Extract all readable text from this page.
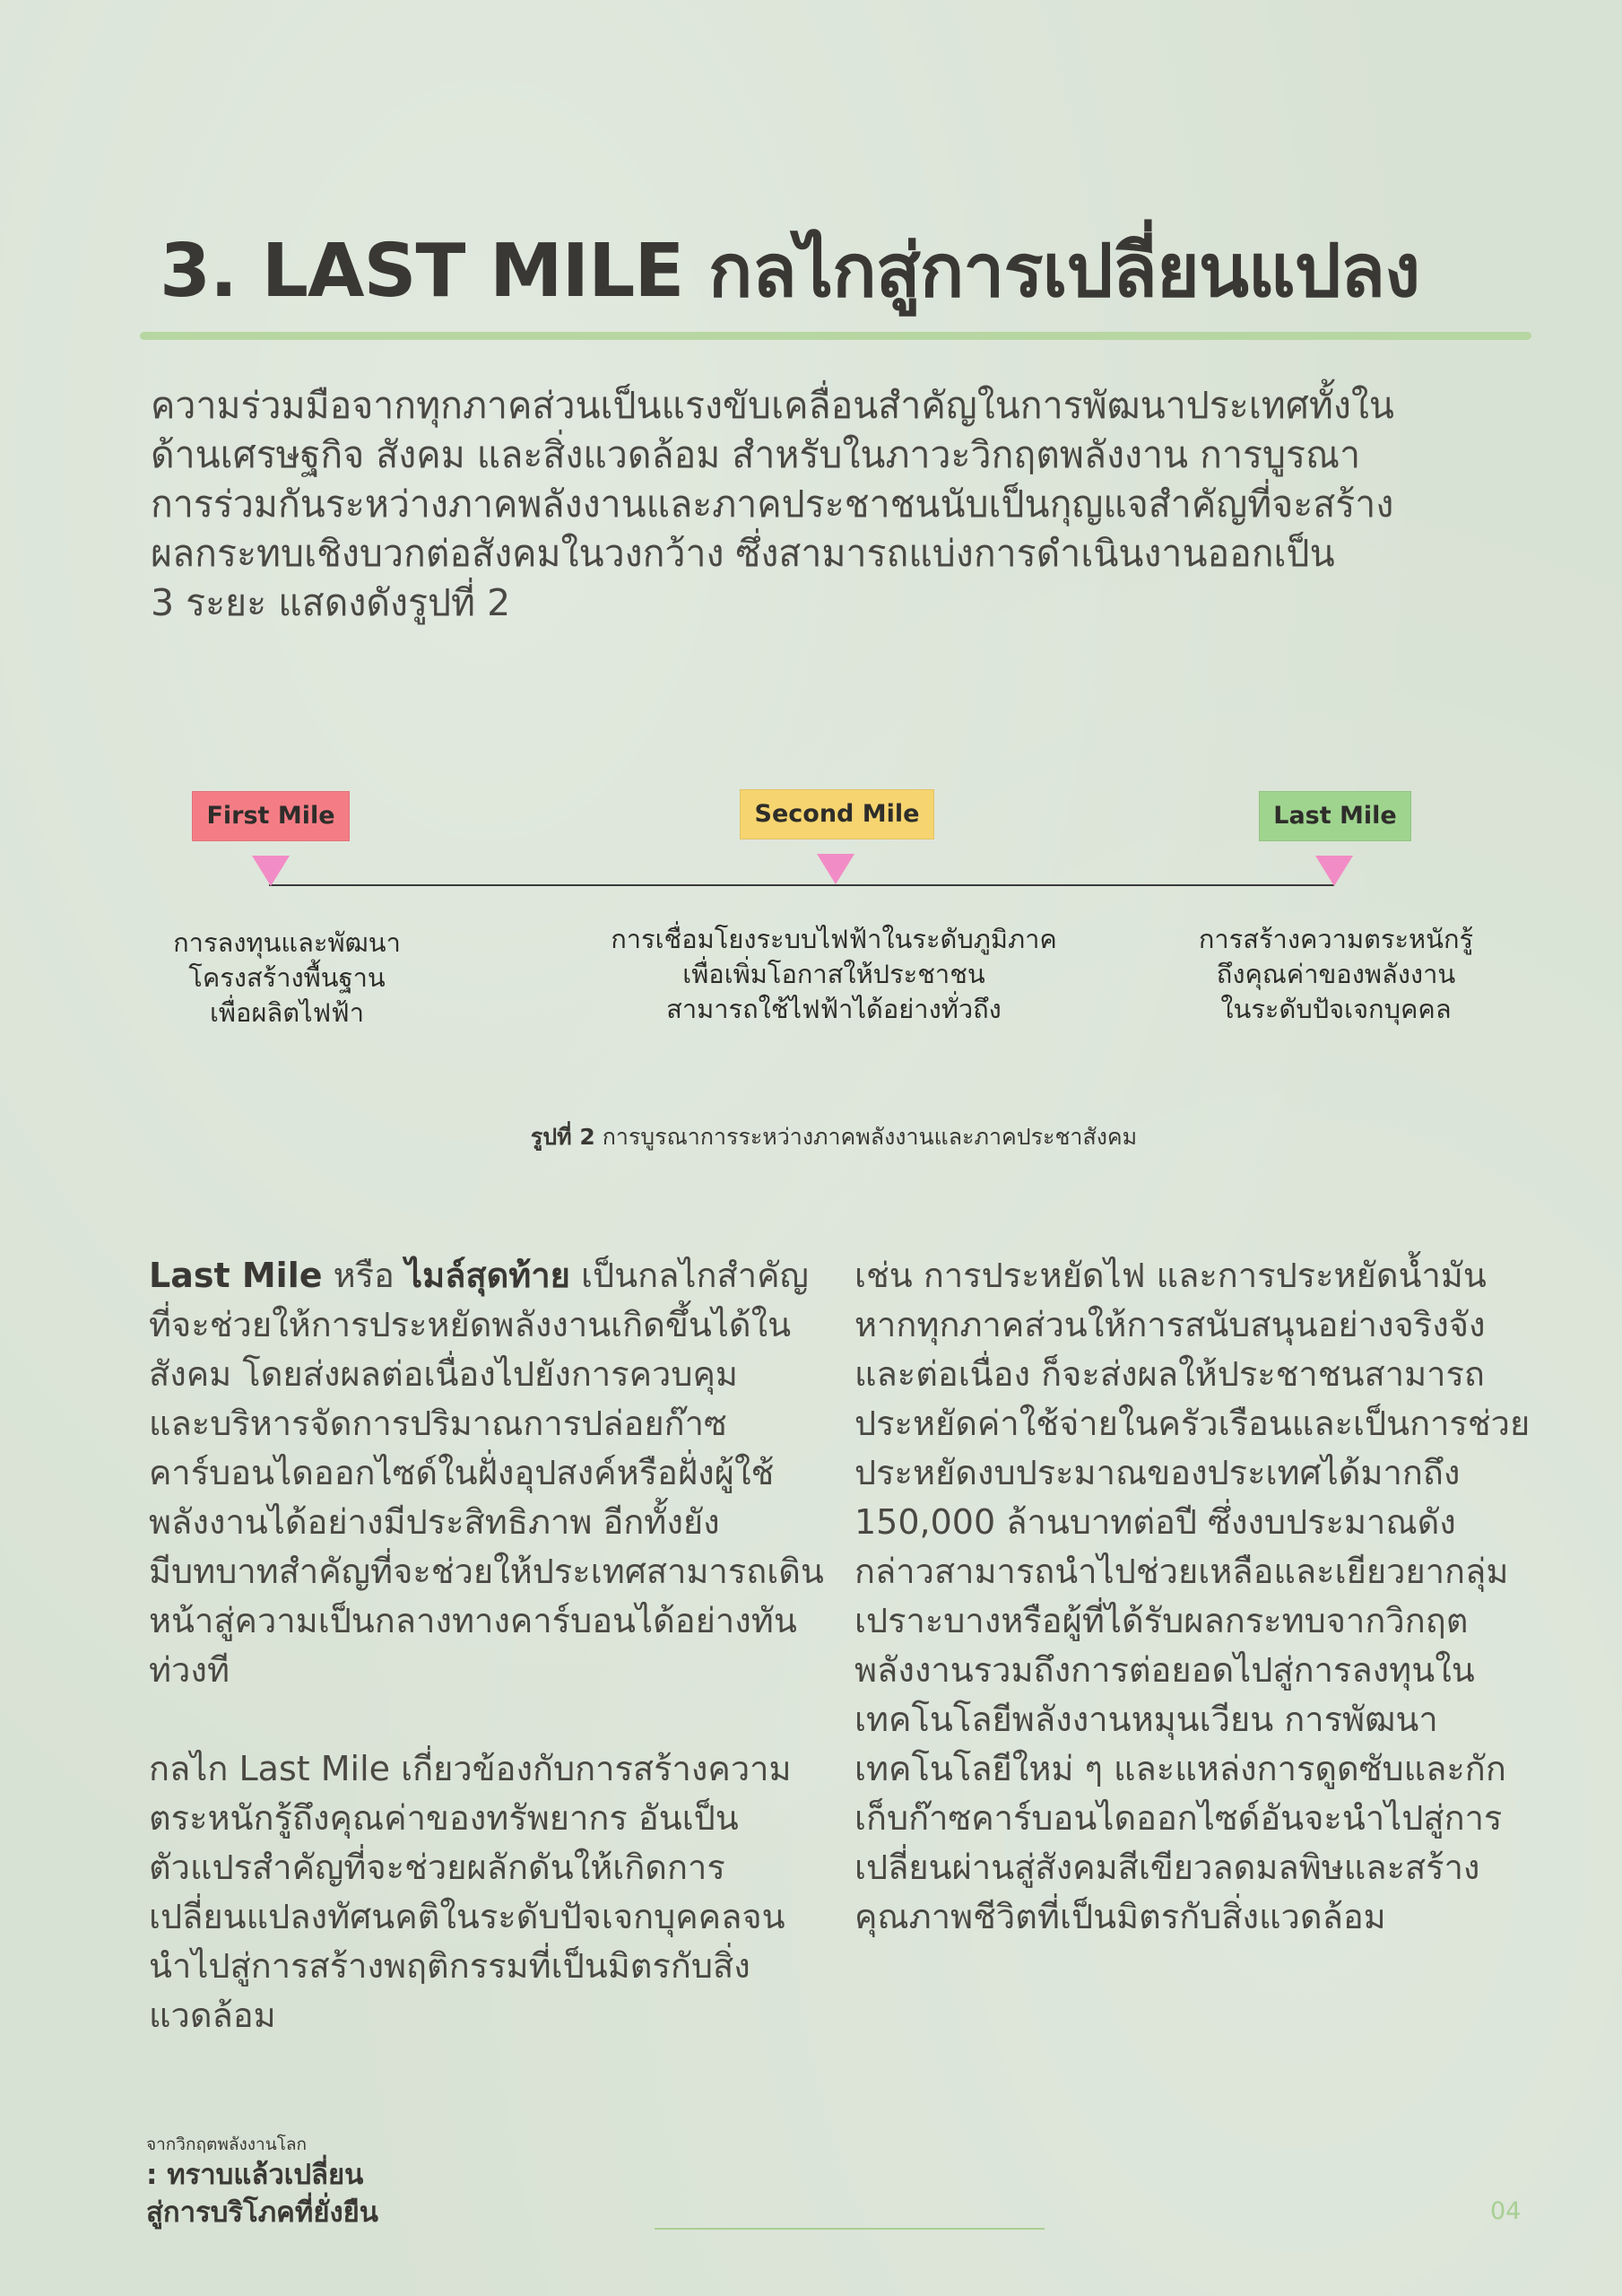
3. LAST MILE กลไกสู่การเปลี่ยนแปลง

ความร่วมมือจากทุกภาคส่วนเป็นแรงขับเคลื่อนสำคัญในการพัฒนาประเทศทั้งใน

ด้านเศรษฐกิจ สังคม และสิ่งแวดล้อม สำหรับในภาวะวิกฤตพลังงาน การบูรณา

การร่วมกันระหว่างภาคพลังงานและภาคประชาชนนับเป็นกุญแจสำคัญที่จะสร้าง

ผลกระทบเชิงบวกต่อสังคมในวงกว้าง ซึ่งสามารถแบ่งการดำเนินงานออกเป็น

3 ระยะ แสดงดังรูปที่ 2

First Mile	Second Mile	Last Mile
การลงทุนและพัฒนา
โครงสร้างพื้นฐาน
เพื่อผลิตไฟฟ้า
การเชื่อมโยงระบบไฟฟ้าในระดับภูมิภาค
เพื่อเพิ่มโอกาสให้ประชาชน
สามารถใช้ไฟฟ้าได้อย่างทั่วถึง
การสร้างความตระหนักรู้
ถึงคุณค่าของพลังงาน
ในระดับปัจเจกบุคคล
รูปที่ 2 การบูรณาการระหว่างภาคพลังงานและภาคประชาสังคม
Last Mile หรือ ไมล์สุดท้าย เป็นกลไกสำคัญ
ที่จะช่วยให้การประหยัดพลังงานเกิดขึ้นได้ใน
สังคม โดยส่งผลต่อเนื่องไปยังการควบคุม
และบริหารจัดการปริมาณการปล่อยก๊าซ
คาร์บอนไดออกไซด์ในฝั่งอุปสงค์หรือฝั่งผู้ใช้
พลังงานได้อย่างมีประสิทธิภาพ อีกทั้งยัง
มีบทบาทสำคัญที่จะช่วยให้ประเทศสามารถเดิน
หน้าสู่ความเป็นกลางทางคาร์บอนได้อย่างทัน
ท่วงที
กลไก Last Mile เกี่ยวข้องกับการสร้างความ
ตระหนักรู้ถึงคุณค่าของทรัพยากร อันเป็น
ตัวแปรสำคัญที่จะช่วยผลักดันให้เกิดการ
เปลี่ยนแปลงทัศนคติในระดับปัจเจกบุคคลจน
นำไปสู่การสร้างพฤติกรรมที่เป็นมิตรกับสิ่ง
แวดล้อม
เช่น การประหยัดไฟ และการประหยัดน้ำมัน
หากทุกภาคส่วนให้การสนับสนุนอย่างจริงจัง
และต่อเนื่อง ก็จะส่งผลให้ประชาชนสามารถ
ประหยัดค่าใช้จ่ายในครัวเรือนและเป็นการช่วย
ประหยัดงบประมาณของประเทศได้มากถึง
150,000 ล้านบาทต่อปี ซึ่งงบประมาณดัง
กล่าวสามารถนำไปช่วยเหลือและเยียวยากลุ่ม
เปราะบางหรือผู้ที่ได้รับผลกระทบจากวิกฤต
พลังงานรวมถึงการต่อยอดไปสู่การลงทุนใน
เทคโนโลยีพลังงานหมุนเวียน การพัฒนา
เทคโนโลยีใหม่ ๆ และแหล่งการดูดซับและกัก
เก็บก๊าซคาร์บอนไดออกไซด์อันจะนำไปสู่การ
เปลี่ยนผ่านสู่สังคมสีเขียวลดมลพิษและสร้าง
คุณภาพชีวิตที่เป็นมิตรกับสิ่งแวดล้อม
จากวิกฤตพลังงานโลก
: ทราบแล้วเปลี่ยน
สู่การบริโภคที่ยั่งยืน	04
